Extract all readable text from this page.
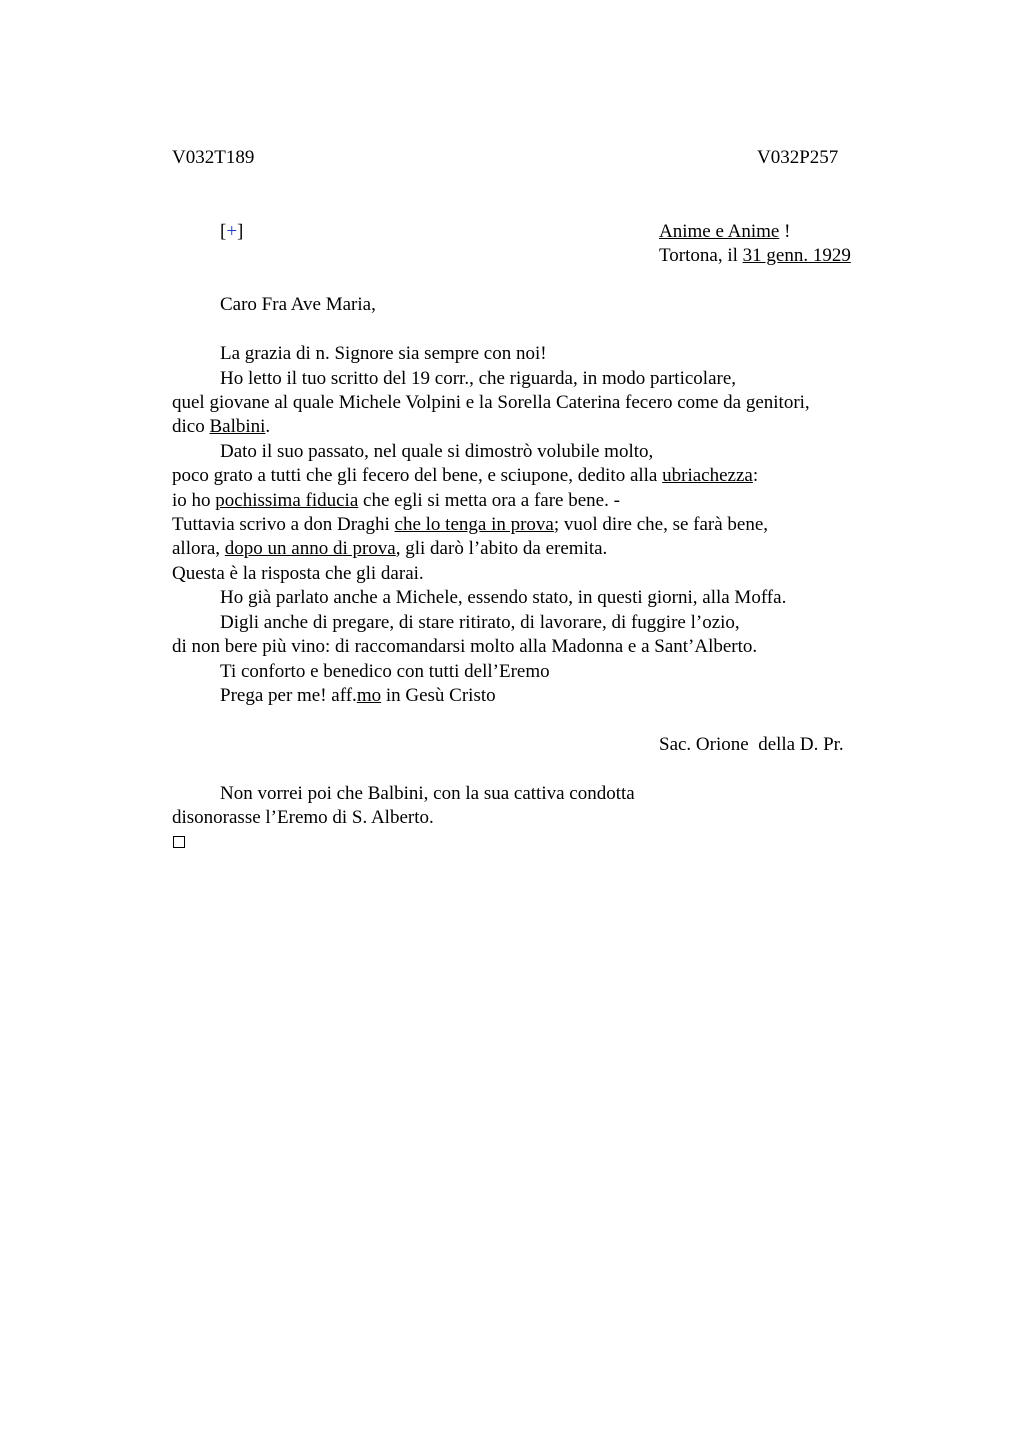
V032T189	V032P257
[+]	Anime e Anime !
Tortona, il 31 genn. 1929
Caro Fra Ave Maria,
La grazia di n. Signore sia sempre con noi!
Ho letto il tuo scritto del 19 corr., che riguarda, in modo particolare,
quel giovane al quale Michele Volpini e la Sorella Caterina fecero come da genitori,
dico Balbini.
Dato il suo passato, nel quale si dimostrò volubile molto,
poco grato a tutti che gli fecero del bene, e sciupone, dedito alla ubriachezza:
io ho pochissima fiducia che egli si metta ora a fare bene. -
Tuttavia scrivo a don Draghi che lo tenga in prova; vuol dire che, se farà bene,
allora, dopo un anno di prova, gli darò l’abito da eremita.
Questa è la risposta che gli darai.
Ho già parlato anche a Michele, essendo stato, in questi giorni, alla Moffa.
Digli anche di pregare, di stare ritirato, di lavorare, di fuggire l’ozio,
di non bere più vino: di raccomandarsi molto alla Madonna e a Sant’Alberto.
Ti conforto e benedico con tutti dell’Eremo
Prega per me! aff.mo in Gesù Cristo
Sac. Orione  della D. Pr.
Non vorrei poi che Balbini, con la sua cattiva condotta
disonorasse l’Eremo di S. Alberto.
